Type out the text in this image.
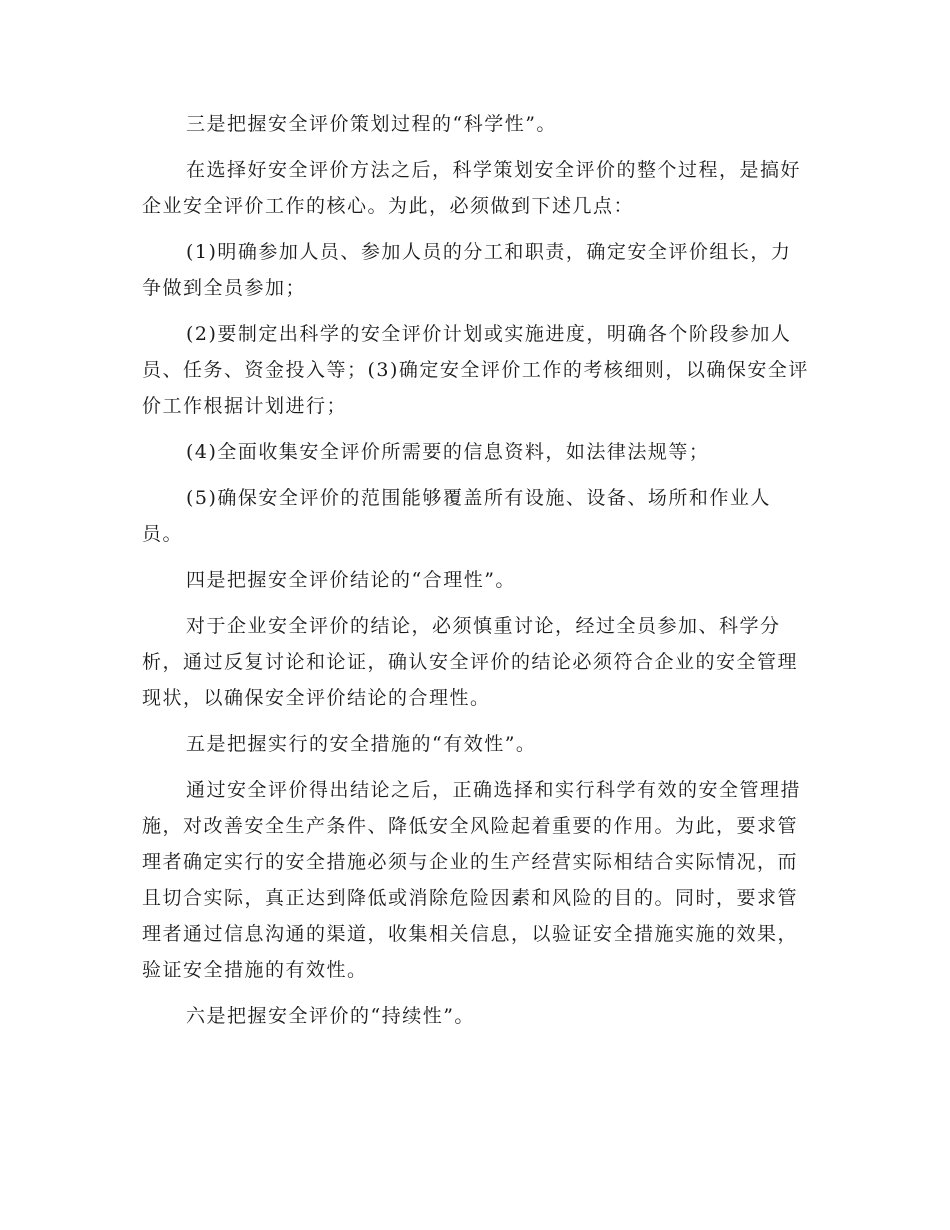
三是把握安全评价策划过程的“科学性”。

在选择好安全评价方法之后，科学策划安全评价的整个过程，是搞好企业安全评价工作的核心。为此，必须做到下述几点：

(1)明确参加人员、参加人员的分工和职责，确定安全评价组长，力争做到全员参加；

(2)要制定出科学的安全评价计划或实施进度，明确各个阶段参加人员、任务、资金投入等；(3)确定安全评价工作的考核细则，以确保安全评价工作根据计划进行；

(4)全面收集安全评价所需要的信息资料，如法律法规等；

(5)确保安全评价的范围能够覆盖所有设施、设备、场所和作业人员。

四是把握安全评价结论的“合理性”。

对于企业安全评价的结论，必须慎重讨论，经过全员参加、科学分析，通过反复讨论和论证，确认安全评价的结论必须符合企业的安全管理现状，以确保安全评价结论的合理性。

五是把握实行的安全措施的“有效性”。

通过安全评价得出结论之后，正确选择和实行科学有效的安全管理措施，对改善安全生产条件、降低安全风险起着重要的作用。为此，要求管理者确定实行的安全措施必须与企业的生产经营实际相结合实际情况，而且切合实际，真正达到降低或消除危险因素和风险的目的。同时，要求管理者通过信息沟通的渠道，收集相关信息，以验证安全措施实施的效果，验证安全措施的有效性。

六是把握安全评价的“持续性”。
